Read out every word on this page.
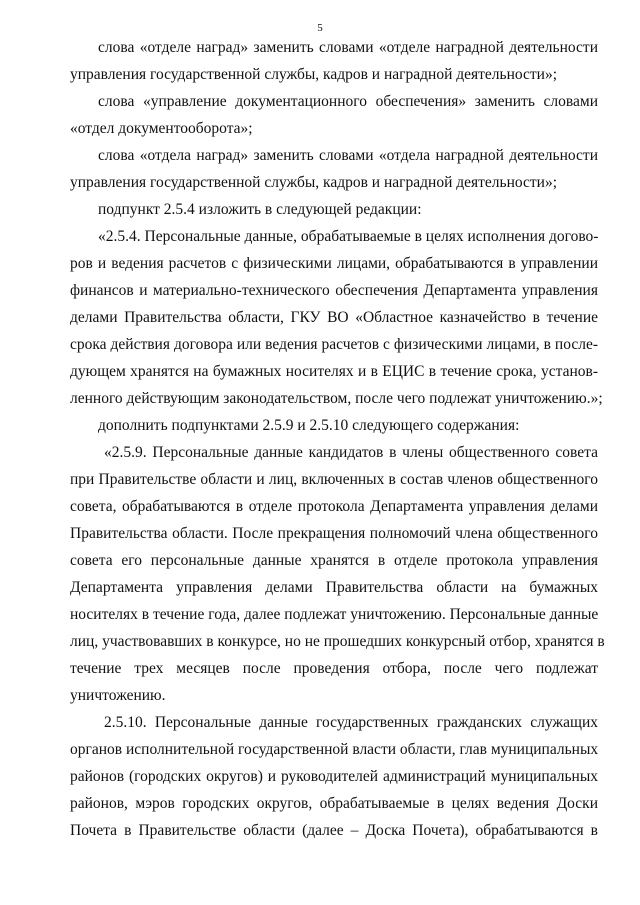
5
слова «отделе наград» заменить словами «отделе наградной деятельности
управления государственной службы, кадров и наградной деятельности»;
слова «управление документационного обеспечения» заменить словами
«отдел документооборота»;
слова «отдела наград» заменить словами «отдела наградной деятельности
управления государственной службы, кадров и наградной деятельности»;
подпункт 2.5.4 изложить в следующей редакции:
«2.5.4. Персональные данные, обрабатываемые в целях исполнения догово-
ров и ведения расчетов с физическими лицами, обрабатываются в управлении
финансов и материально-технического обеспечения Департамента управления
делами Правительства области, ГКУ ВО «Областное казначейство в течение
срока действия договора или ведения расчетов с физическими лицами, в после-
дующем хранятся на бумажных носителях и в ЕЦИС в течение срока, установ-
ленного действующим законодательством, после чего подлежат уничтожению.»;
дополнить подпунктами 2.5.9 и 2.5.10 следующего содержания:
«2.5.9. Персональные данные кандидатов в члены общественного совета
при Правительстве области и лиц, включенных в состав членов общественного
совета, обрабатываются в отделе протокола Департамента управления делами
Правительства области. После прекращения полномочий члена общественного
совета его персональные данные хранятся в отделе протокола управления
Департамента управления делами Правительства области на бумажных
носителях в течение года, далее подлежат уничтожению. Персональные данные
лиц, участвовавших в конкурсе, но не прошедших конкурсный отбор, хранятся в
течение трех месяцев после проведения отбора, после чего подлежат
уничтожению.
2.5.10. Персональные данные государственных гражданских служащих
органов исполнительной государственной власти области, глав муниципальных
районов (городских округов) и руководителей администраций муниципальных
районов, мэров городских округов, обрабатываемые в целях ведения Доски
Почета в Правительстве области (далее – Доска Почета), обрабатываются в
